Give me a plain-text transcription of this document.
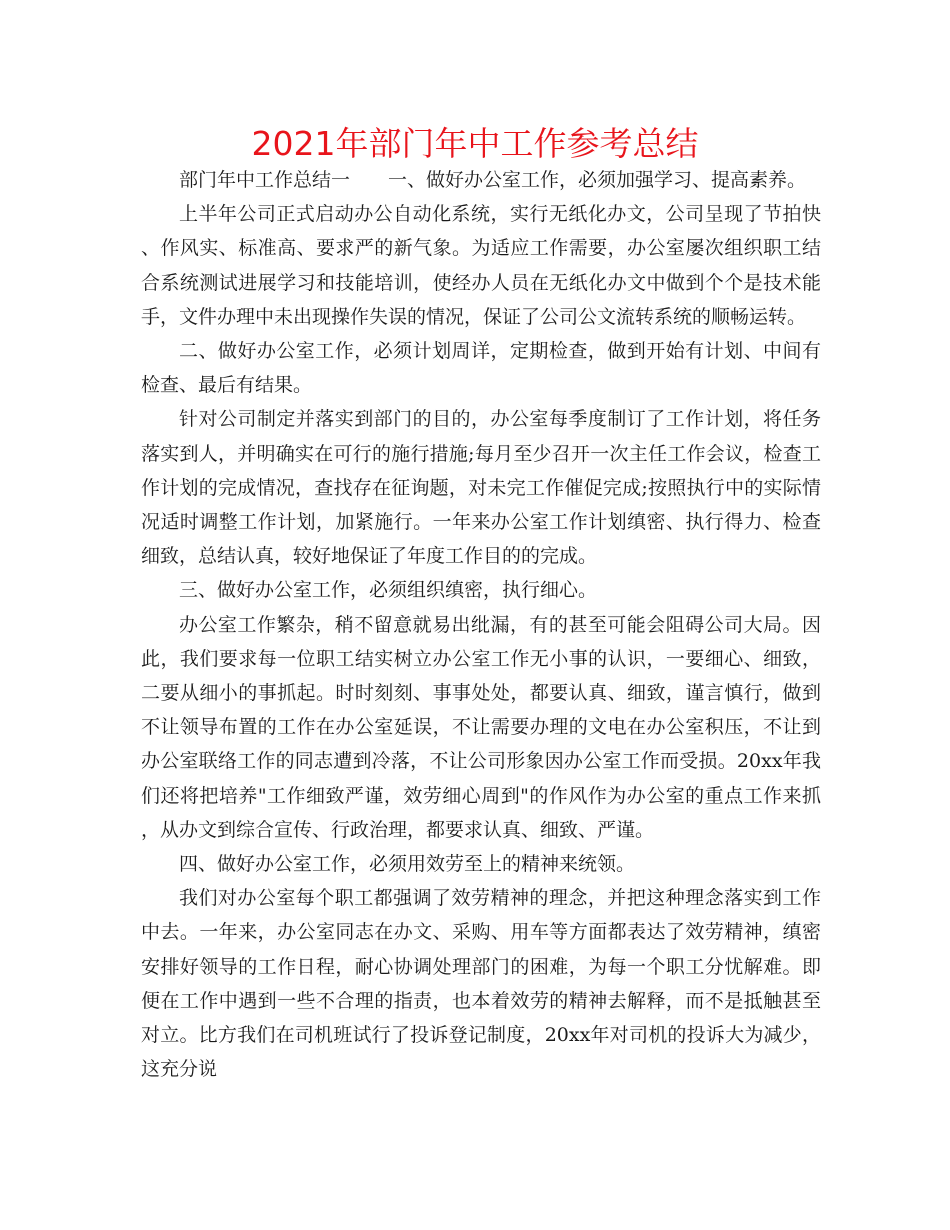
2021年部门年中工作参考总结

部门年中工作总结一 一、做好办公室工作，必须加强学习、提高素养。

上半年公司正式启动办公自动化系统，实行无纸化办文，公司呈现了节拍快、作风实、标准高、要求严的新气象。为适应工作需要，办公室屡次组织职工结合系统测试进展学习和技能培训，使经办人员在无纸化办文中做到个个是技术能手，文件办理中未出现操作失误的情况，保证了公司公文流转系统的顺畅运转。

二、做好办公室工作，必须计划周详，定期检查，做到开始有计划、中间有检查、最后有结果。

针对公司制定并落实到部门的目的，办公室每季度制订了工作计划，将任务落实到人，并明确实在可行的施行措施;每月至少召开一次主任工作会议，检查工作计划的完成情况，查找存在征询题，对未完工作催促完成;按照执行中的实际情况适时调整工作计划，加紧施行。一年来办公室工作计划缜密、执行得力、检查细致，总结认真，较好地保证了年度工作目的的完成。

三、做好办公室工作，必须组织缜密，执行细心。

办公室工作繁杂，稍不留意就易出纰漏，有的甚至可能会阻碍公司大局。因此，我们要求每一位职工结实树立办公室工作无小事的认识，一要细心、细致，二要从细小的事抓起。时时刻刻、事事处处，都要认真、细致，谨言慎行，做到不让领导布置的工作在办公室延误，不让需要办理的文电在办公室积压，不让到办公室联络工作的同志遭到冷落，不让公司形象因办公室工作而受损。20xx年我们还将把培养"工作细致严谨，效劳细心周到"的作风作为办公室的重点工作来抓，从办文到综合宣传、行政治理，都要求认真、细致、严谨。

四、做好办公室工作，必须用效劳至上的精神来统领。

我们对办公室每个职工都强调了效劳精神的理念，并把这种理念落实到工作中去。一年来，办公室同志在办文、采购、用车等方面都表达了效劳精神，缜密安排好领导的工作日程，耐心协调处理部门的困难，为每一个职工分忧解难。即便在工作中遇到一些不合理的指责，也本着效劳的精神去解释，而不是抵触甚至对立。比方我们在司机班试行了投诉登记制度，20xx年对司机的投诉大为减少，这充分说
